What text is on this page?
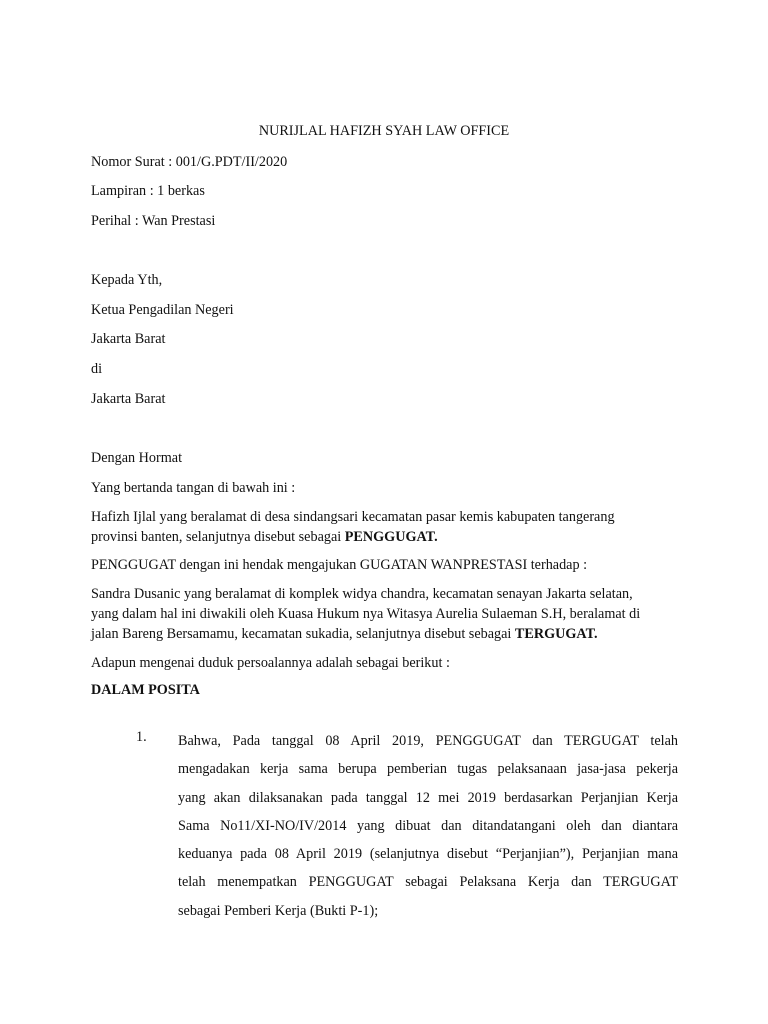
NURIJLAL HAFIZH SYAH LAW OFFICE
Nomor Surat : 001/G.PDT/II/2020
Lampiran : 1 berkas
Perihal : Wan Prestasi
Kepada Yth,
Ketua Pengadilan Negeri
Jakarta Barat
di
Jakarta Barat
Dengan Hormat
Yang bertanda tangan di bawah ini :
Hafizh Ijlal yang beralamat di desa sindangsari kecamatan pasar kemis kabupaten tangerang
provinsi banten, selanjutnya disebut sebagai PENGGUGAT.
PENGGUGAT dengan ini hendak mengajukan GUGATAN WANPRESTASI terhadap :
Sandra Dusanic yang beralamat di komplek widya chandra, kecamatan senayan Jakarta selatan,
yang dalam hal ini diwakili oleh Kuasa Hukum nya Witasya Aurelia Sulaeman S.H, beralamat di
jalan Bareng Bersamamu, kecamatan sukadia, selanjutnya disebut sebagai TERGUGAT.
Adapun mengenai duduk persoalannya adalah sebagai berikut :
DALAM POSITA
1. Bahwa, Pada tanggal 08 April 2019, PENGGUGAT dan TERGUGAT telah
mengadakan kerja sama berupa pemberian tugas pelaksanaan jasa-jasa pekerja
yang akan dilaksanakan pada tanggal 12 mei 2019 berdasarkan Perjanjian Kerja
Sama No11/XI-NO/IV/2014 yang dibuat dan ditandatangani oleh dan diantara
keduanya pada 08 April 2019 (selanjutnya disebut “Perjanjian”), Perjanjian mana
telah menempatkan PENGGUGAT sebagai Pelaksana Kerja dan TERGUGAT
sebagai Pemberi Kerja (Bukti P-1);
